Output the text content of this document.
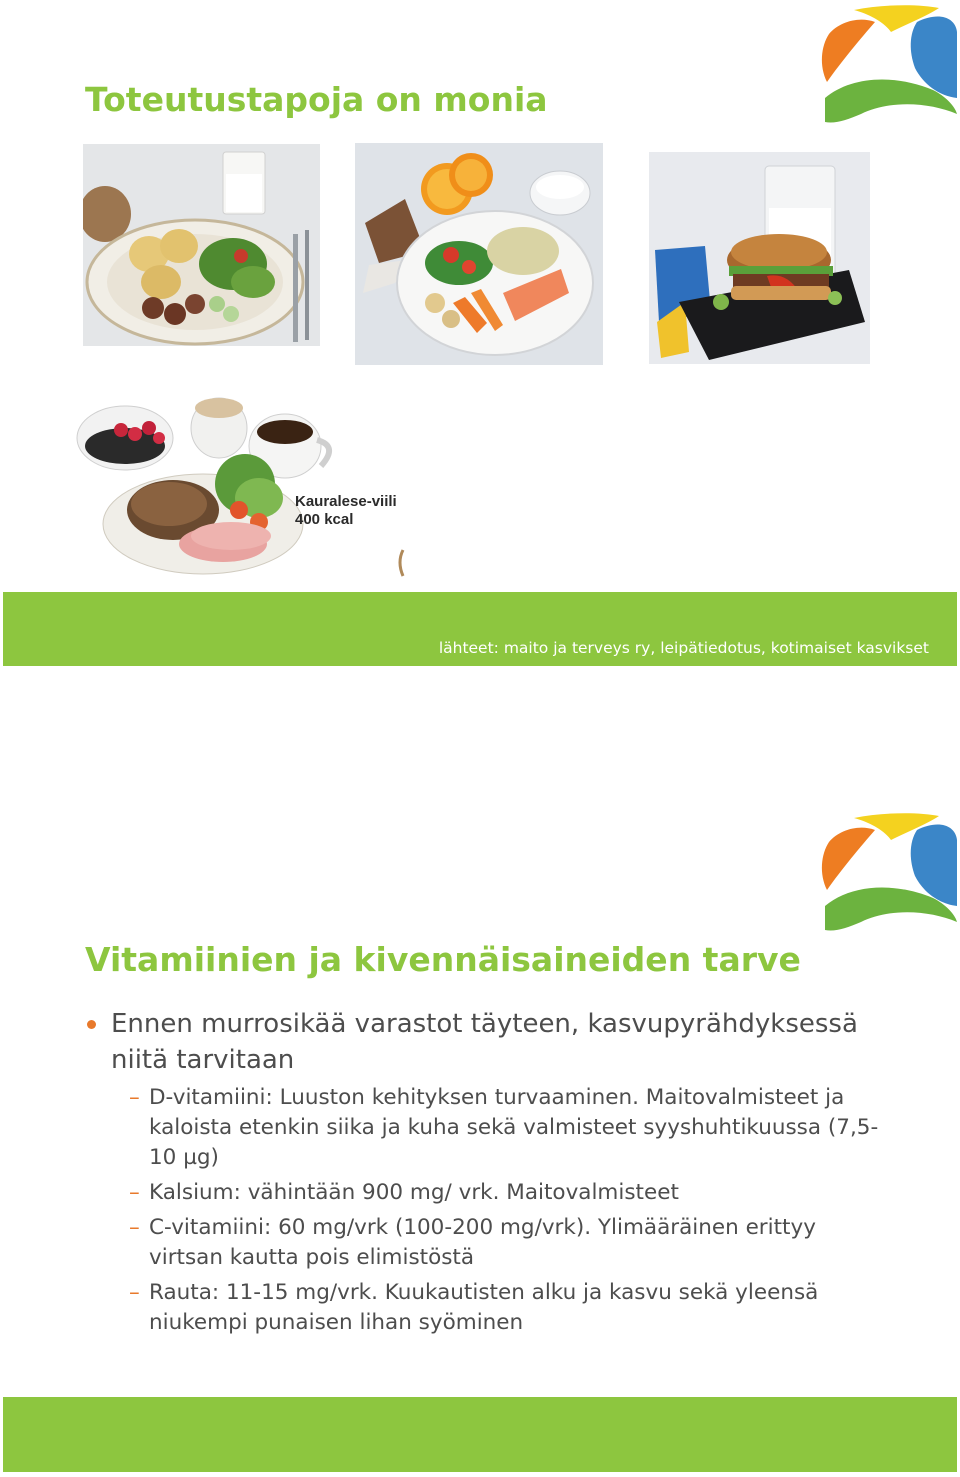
Toteutustapoja on monia
Kauralese-viili
400 kcal
lähteet: maito ja terveys ry, leipätiedotus, kotimaiset kasvikset
Vitamiinien ja kivennäisaineiden tarve
Ennen murrosikää varastot täyteen, kasvupyrähdyksessä niitä tarvitaan
– D-vitamiini: Luuston kehityksen turvaaminen. Maitovalmisteet ja kaloista etenkin siika ja kuha sekä valmisteet syyshuhtikuussa (7,5-10 µg)
– Kalsium: vähintään 900 mg/ vrk. Maitovalmisteet
– C-vitamiini: 60 mg/vrk (100-200 mg/vrk). Ylimääräinen erittyy virtsan kautta pois elimistöstä
– Rauta: 11-15 mg/vrk. Kuukautisten alku ja kasvu sekä yleensä niukempi punaisen lihan syöminen
